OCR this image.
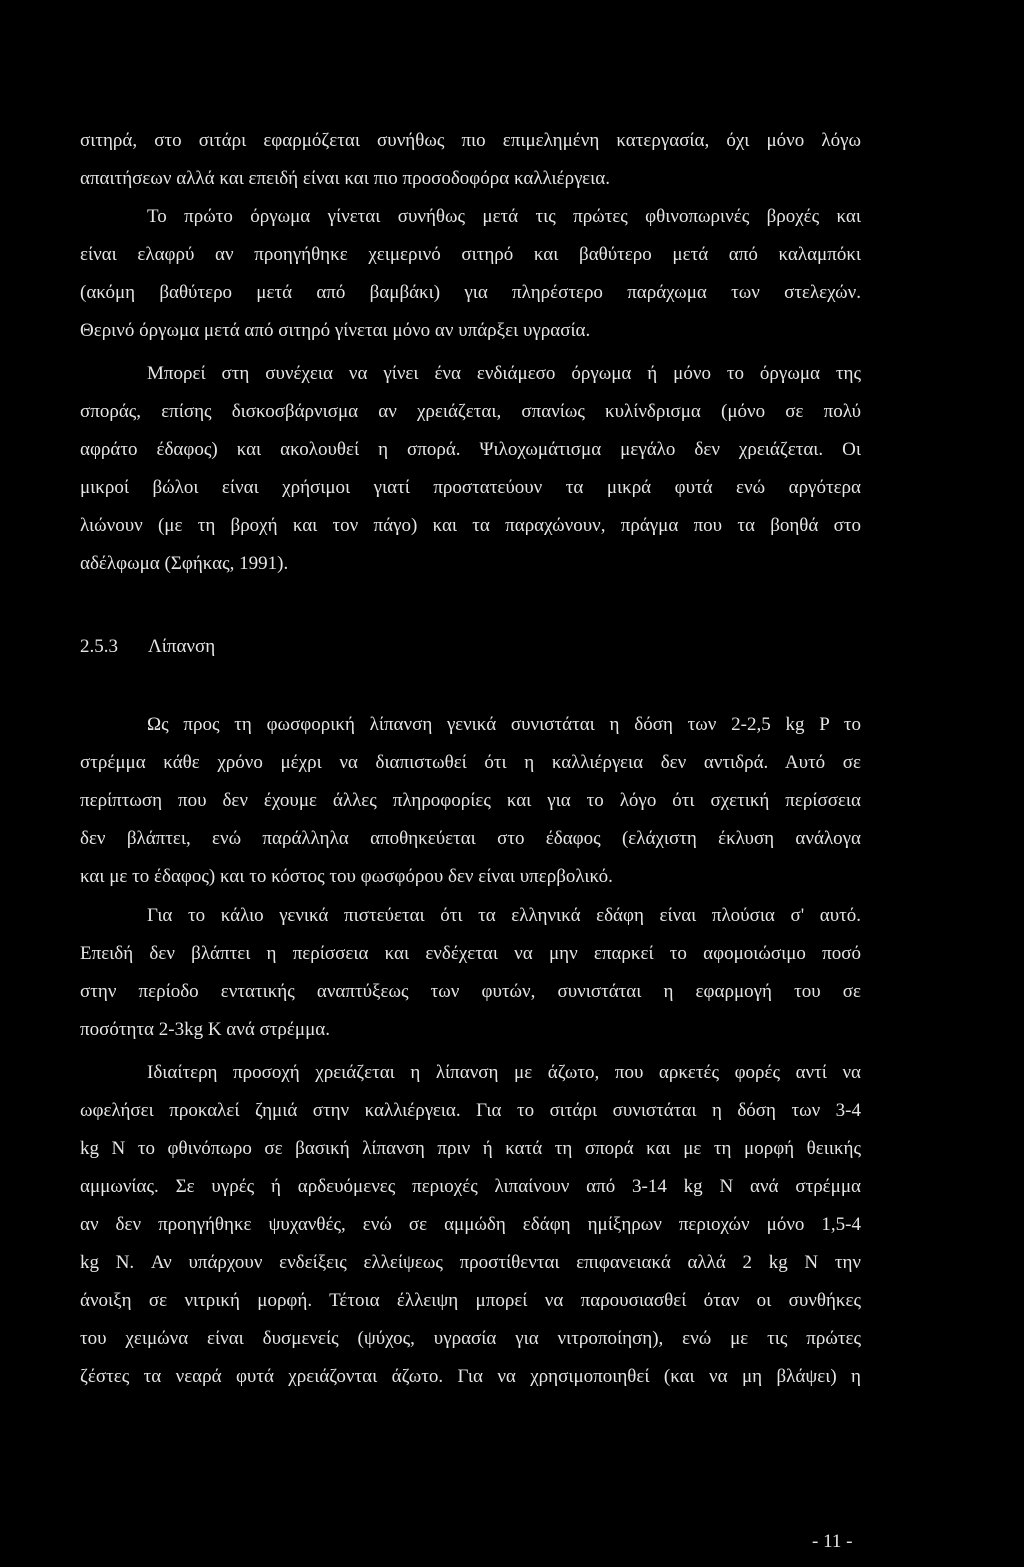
σιτηρά, στο σιτάρι εφαρμόζεται συνήθως πιο επιμελημένη κατεργασία, όχι μόνο λόγω
απαιτήσεων αλλά και επειδή είναι και πιο προσοδοφόρα καλλιέργεια.
Το πρώτο όργωμα γίνεται συνήθως μετά τις πρώτες φθινοπωρινές βροχές και
είναι ελαφρύ αν προηγήθηκε χειμερινό σιτηρό και βαθύτερο μετά από καλαμπόκι
(ακόμη βαθύτερο μετά από βαμβάκι) για πληρέστερο παράχωμα των στελεχών.
Θερινό όργωμα μετά από σιτηρό γίνεται μόνο αν υπάρξει υγρασία.
Μπορεί στη συνέχεια να γίνει ένα ενδιάμεσο όργωμα ή μόνο το όργωμα της
σποράς, επίσης δισκοσβάρνισμα αν χρειάζεται, σπανίως κυλίνδρισμα (μόνο σε πολύ
αφράτο έδαφος) και ακολουθεί η σπορά. Ψιλοχωμάτισμα μεγάλο δεν χρειάζεται. Οι
μικροί βώλοι είναι χρήσιμοι γιατί προστατεύουν τα μικρά φυτά ενώ αργότερα
λιώνουν (με τη βροχή και τον πάγο) και τα παραχώνουν, πράγμα που τα βοηθά στο
αδέλφωμα (Σφήκας, 1991).
2.5.3 Λίπανση
Ως προς τη φωσφορική λίπανση γενικά συνιστάται η δόση των 2-2,5 kg P το
στρέμμα κάθε χρόνο μέχρι να διαπιστωθεί ότι η καλλιέργεια δεν αντιδρά. Αυτό σε
περίπτωση που δεν έχουμε άλλες πληροφορίες και για το λόγο ότι σχετική περίσσεια
δεν βλάπτει, ενώ παράλληλα αποθηκεύεται στο έδαφος (ελάχιστη έκλυση ανάλογα
και με το έδαφος) και το κόστος του φωσφόρου δεν είναι υπερβολικό.
Για το κάλιο γενικά πιστεύεται ότι τα ελληνικά εδάφη είναι πλούσια σ' αυτό.
Επειδή δεν βλάπτει η περίσσεια και ενδέχεται να μην επαρκεί το αφομοιώσιμο ποσό
στην περίοδο εντατικής αναπτύξεως των φυτών, συνιστάται η εφαρμογή του σε
ποσότητα 2-3kg Κ ανά στρέμμα.
Ιδιαίτερη προσοχή χρειάζεται η λίπανση με άζωτο, που αρκετές φορές αντί να
ωφελήσει προκαλεί ζημιά στην καλλιέργεια. Για το σιτάρι συνιστάται η δόση των 3-4
kg N το φθινόπωρο σε βασική λίπανση πριν ή κατά τη σπορά και με τη μορφή θειικής
αμμωνίας. Σε υγρές ή αρδευόμενες περιοχές λιπαίνουν από 3-14 kg N ανά στρέμμα
αν δεν προηγήθηκε ψυχανθές, ενώ σε αμμώδη εδάφη ημίξηρων περιοχών μόνο 1,5-4
kg N. Αν υπάρχουν ενδείξεις ελλείψεως προστίθενται επιφανειακά αλλά 2 kg N την
άνοιξη σε νιτρική μορφή. Τέτοια έλλειψη μπορεί να παρουσιασθεί όταν οι συνθήκες
του χειμώνα είναι δυσμενείς (ψύχος, υγρασία για νιτροποίηση), ενώ με τις πρώτες
ζέστες τα νεαρά φυτά χρειάζονται άζωτο. Για να χρησιμοποιηθεί (και να μη βλάψει) η
- 11 -
